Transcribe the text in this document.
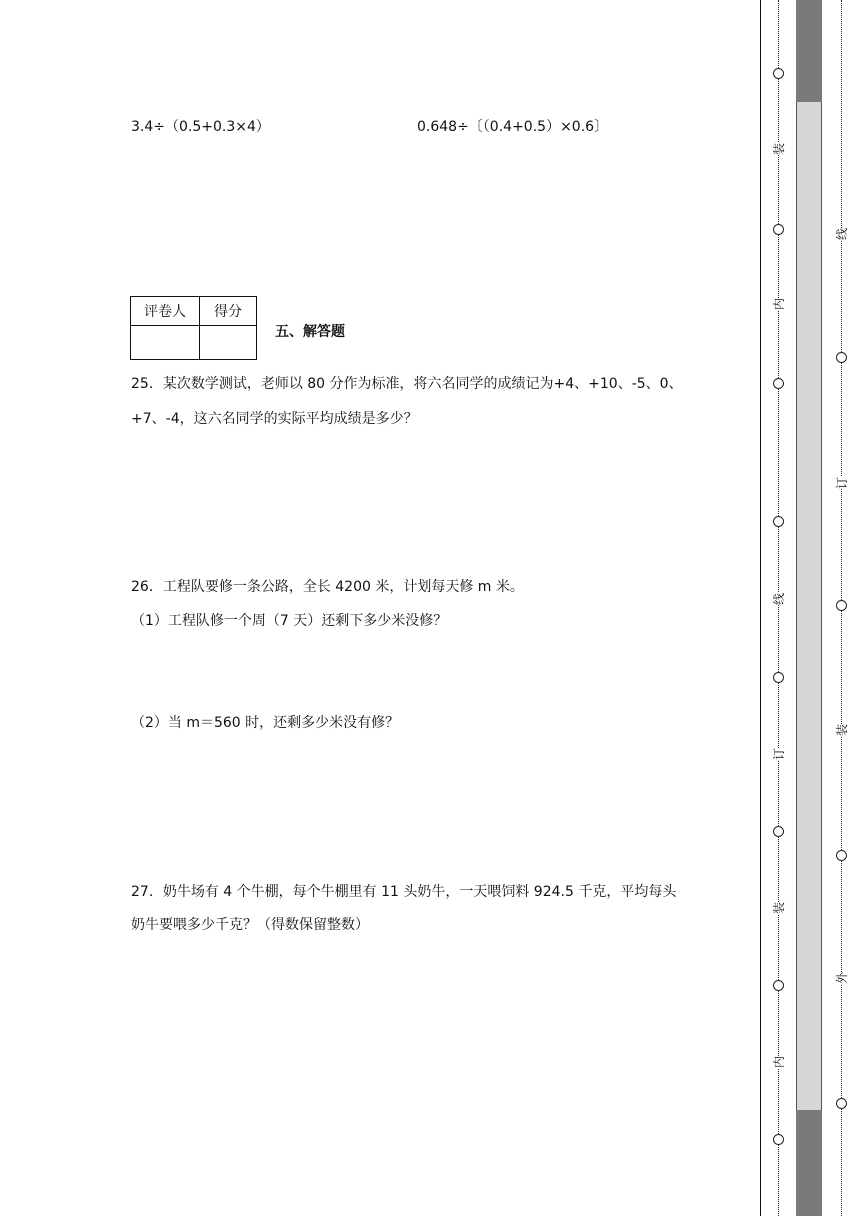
3.4÷（0.5+0.3×4）	0.648÷〔（0.4+0.5）×0.6〕
评卷人	得分

五、解答题
25．某次数学测试，老师以 80 分作为标准，将六名同学的成绩记为+4、+10、-5、0、
+7、-4，这六名同学的实际平均成绩是多少？
26．工程队要修一条公路，全长 4200 米，计划每天修 m 米。
（1）工程队修一个周（7 天）还剩下多少米没修？
（2）当 m＝560 时，还剩多少米没有修？
27．奶牛场有 4 个牛棚，每个牛棚里有 11 头奶牛，一天喂饲料 924.5 千克，平均每头
奶牛要喂多少千克？（得数保留整数）
装
内
线
订
装
内
线
订
装
外
